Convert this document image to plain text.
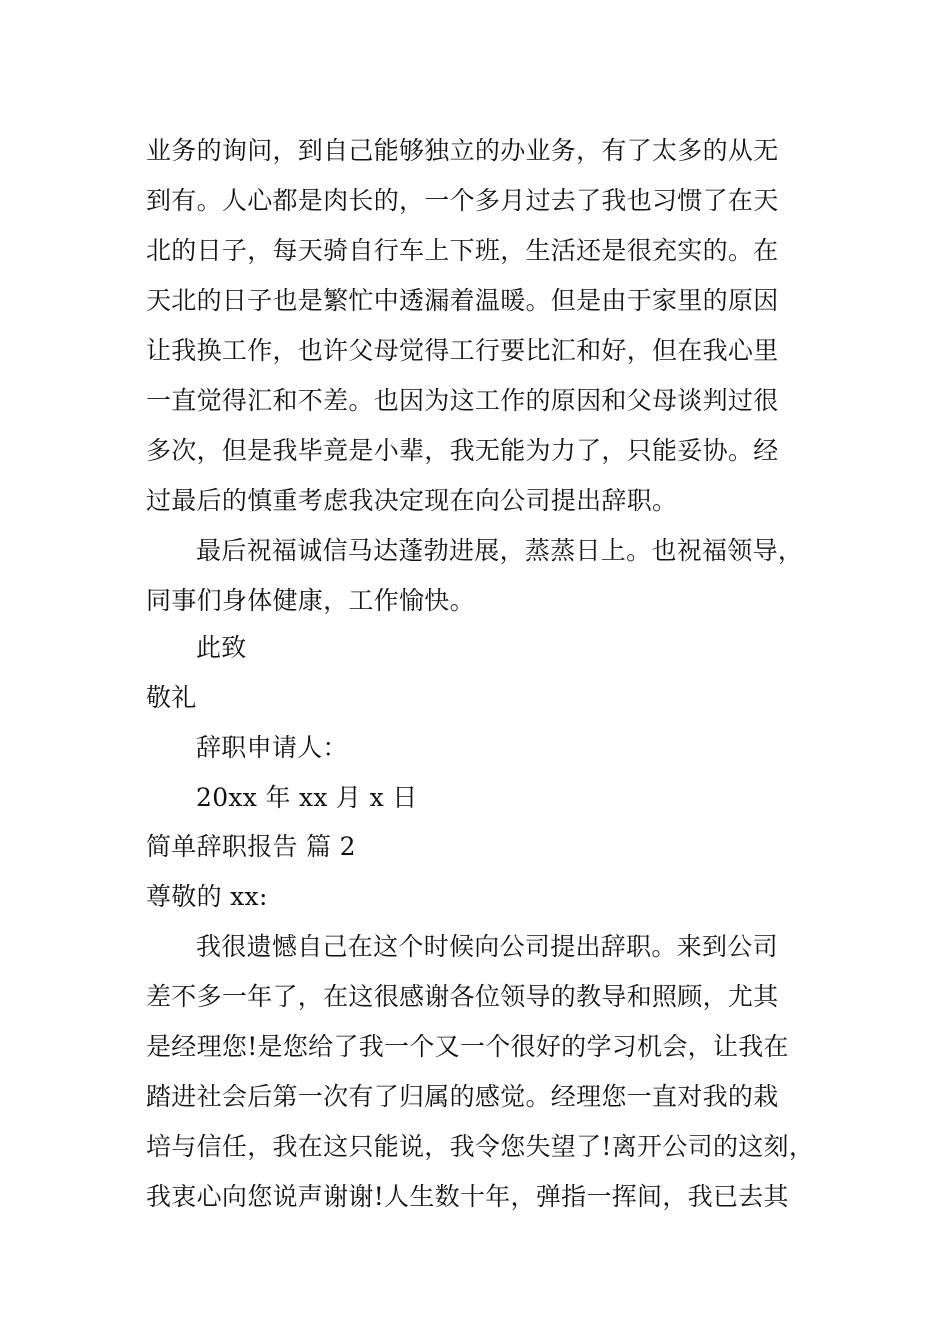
业务的询问，到自己能够独立的办业务，有了太多的从无
到有。人心都是肉长的，一个多月过去了我也习惯了在天
北的日子，每天骑自行车上下班，生活还是很充实的。在
天北的日子也是繁忙中透漏着温暖。但是由于家里的原因
让我换工作，也许父母觉得工行要比汇和好，但在我心里
一直觉得汇和不差。也因为这工作的原因和父母谈判过很
多次，但是我毕竟是小辈，我无能为力了，只能妥协。经
过最后的慎重考虑我决定现在向公司提出辞职。
最后祝福诚信马达蓬勃进展，蒸蒸日上。也祝福领导，
同事们身体健康，工作愉快。
此致
敬礼
辞职申请人：
20xx 年 xx 月 x 日
简单辞职报告 篇 2
尊敬的 xx:
我很遗憾自己在这个时候向公司提出辞职。来到公司
差不多一年了，在这很感谢各位领导的教导和照顾，尤其
是经理您!是您给了我一个又一个很好的学习机会，让我在
踏进社会后第一次有了归属的感觉。经理您一直对我的栽
培与信任，我在这只能说，我令您失望了!离开公司的这刻，
我衷心向您说声谢谢!人生数十年，弹指一挥间，我已去其
